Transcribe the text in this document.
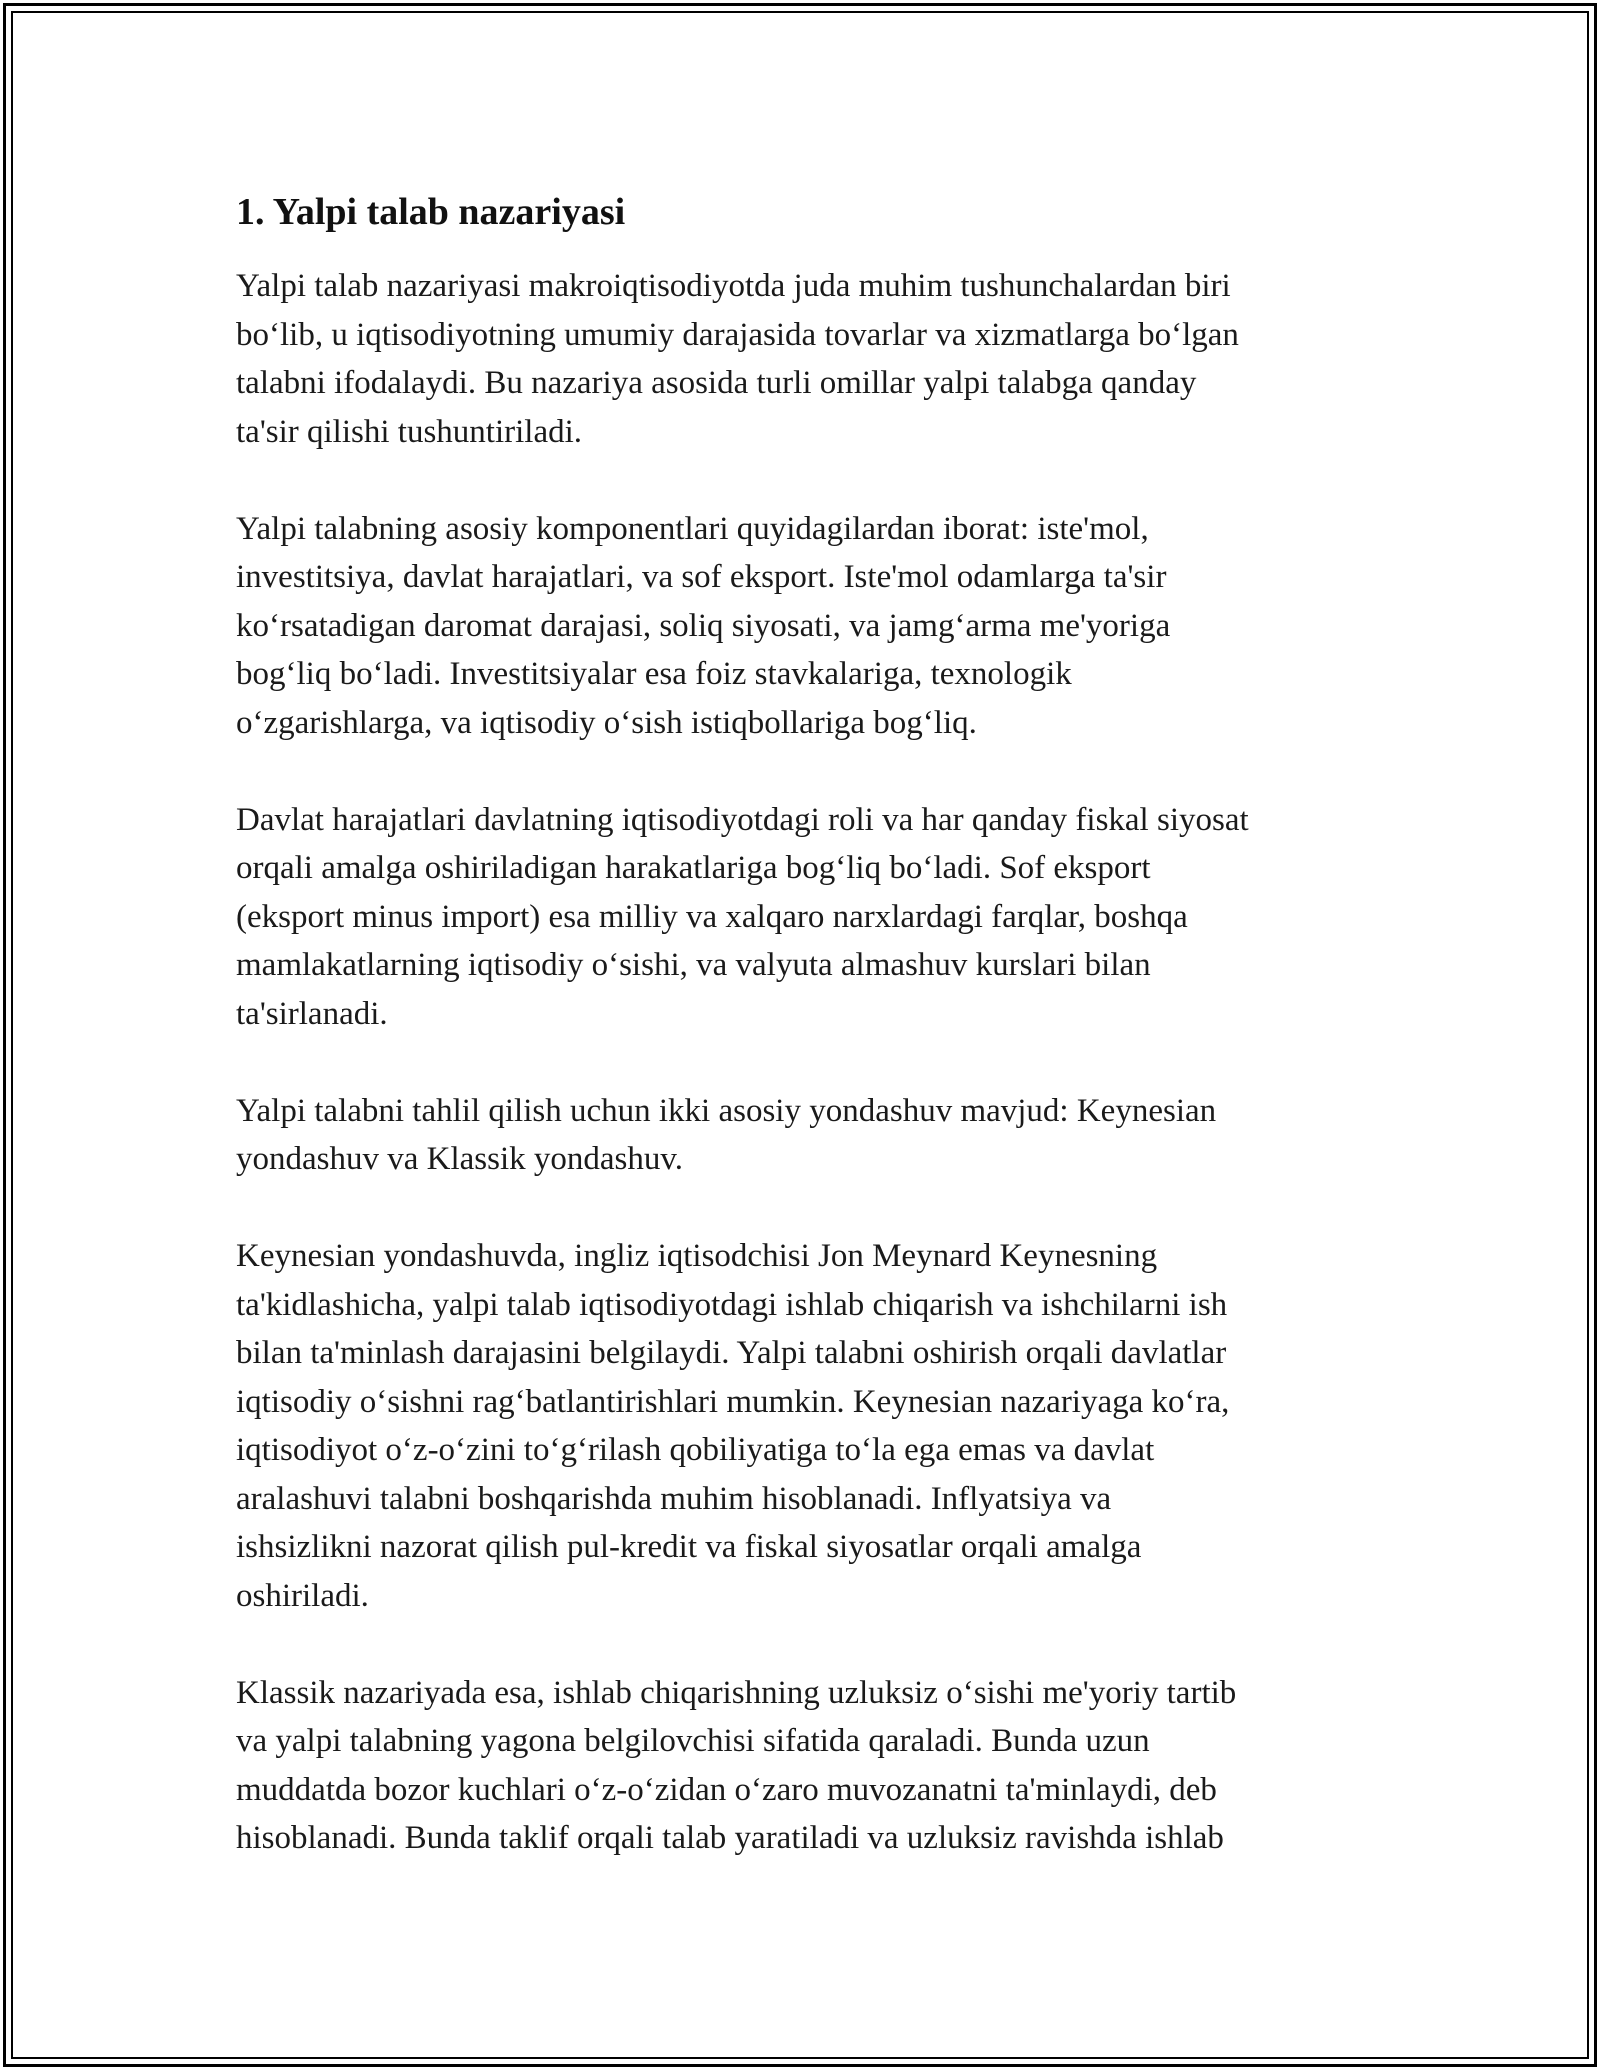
1. Yalpi talab nazariyasi
Yalpi talab nazariyasi makroiqtisodiyotda juda muhim tushunchalardan biri
bo‘lib, u iqtisodiyotning umumiy darajasida tovarlar va xizmatlarga bo‘lgan
talabni ifodalaydi. Bu nazariya asosida turli omillar yalpi talabga qanday
ta'sir qilishi tushuntiriladi.
Yalpi talabning asosiy komponentlari quyidagilardan iborat: iste'mol,
investitsiya, davlat harajatlari, va sof eksport. Iste'mol odamlarga ta'sir
ko‘rsatadigan daromat darajasi, soliq siyosati, va jamg‘arma me'yoriga
bog‘liq bo‘ladi. Investitsiyalar esa foiz stavkalariga, texnologik
o‘zgarishlarga, va iqtisodiy o‘sish istiqbollariga bog‘liq.
Davlat harajatlari davlatning iqtisodiyotdagi roli va har qanday fiskal siyosat
orqali amalga oshiriladigan harakatlariga bog‘liq bo‘ladi. Sof eksport
(eksport minus import) esa milliy va xalqaro narxlardagi farqlar, boshqa
mamlakatlarning iqtisodiy o‘sishi, va valyuta almashuv kurslari bilan
ta'sirlanadi.
Yalpi talabni tahlil qilish uchun ikki asosiy yondashuv mavjud: Keynesian
yondashuv va Klassik yondashuv.
Keynesian yondashuvda, ingliz iqtisodchisi Jon Meynard Keynesning
ta'kidlashicha, yalpi talab iqtisodiyotdagi ishlab chiqarish va ishchilarni ish
bilan ta'minlash darajasini belgilaydi. Yalpi talabni oshirish orqali davlatlar
iqtisodiy o‘sishni rag‘batlantirishlari mumkin. Keynesian nazariyaga ko‘ra,
iqtisodiyot o‘z-o‘zini to‘g‘rilash qobiliyatiga to‘la ega emas va davlat
aralashuvi talabni boshqarishda muhim hisoblanadi. Inflyatsiya va
ishsizlikni nazorat qilish pul-kredit va fiskal siyosatlar orqali amalga
oshiriladi.
Klassik nazariyada esa, ishlab chiqarishning uzluksiz o‘sishi me'yoriy tartib
va yalpi talabning yagona belgilovchisi sifatida qaraladi. Bunda uzun
muddatda bozor kuchlari o‘z-o‘zidan o‘zaro muvozanatni ta'minlaydi, deb
hisoblanadi. Bunda taklif orqali talab yaratiladi va uzluksiz ravishda ishlab
